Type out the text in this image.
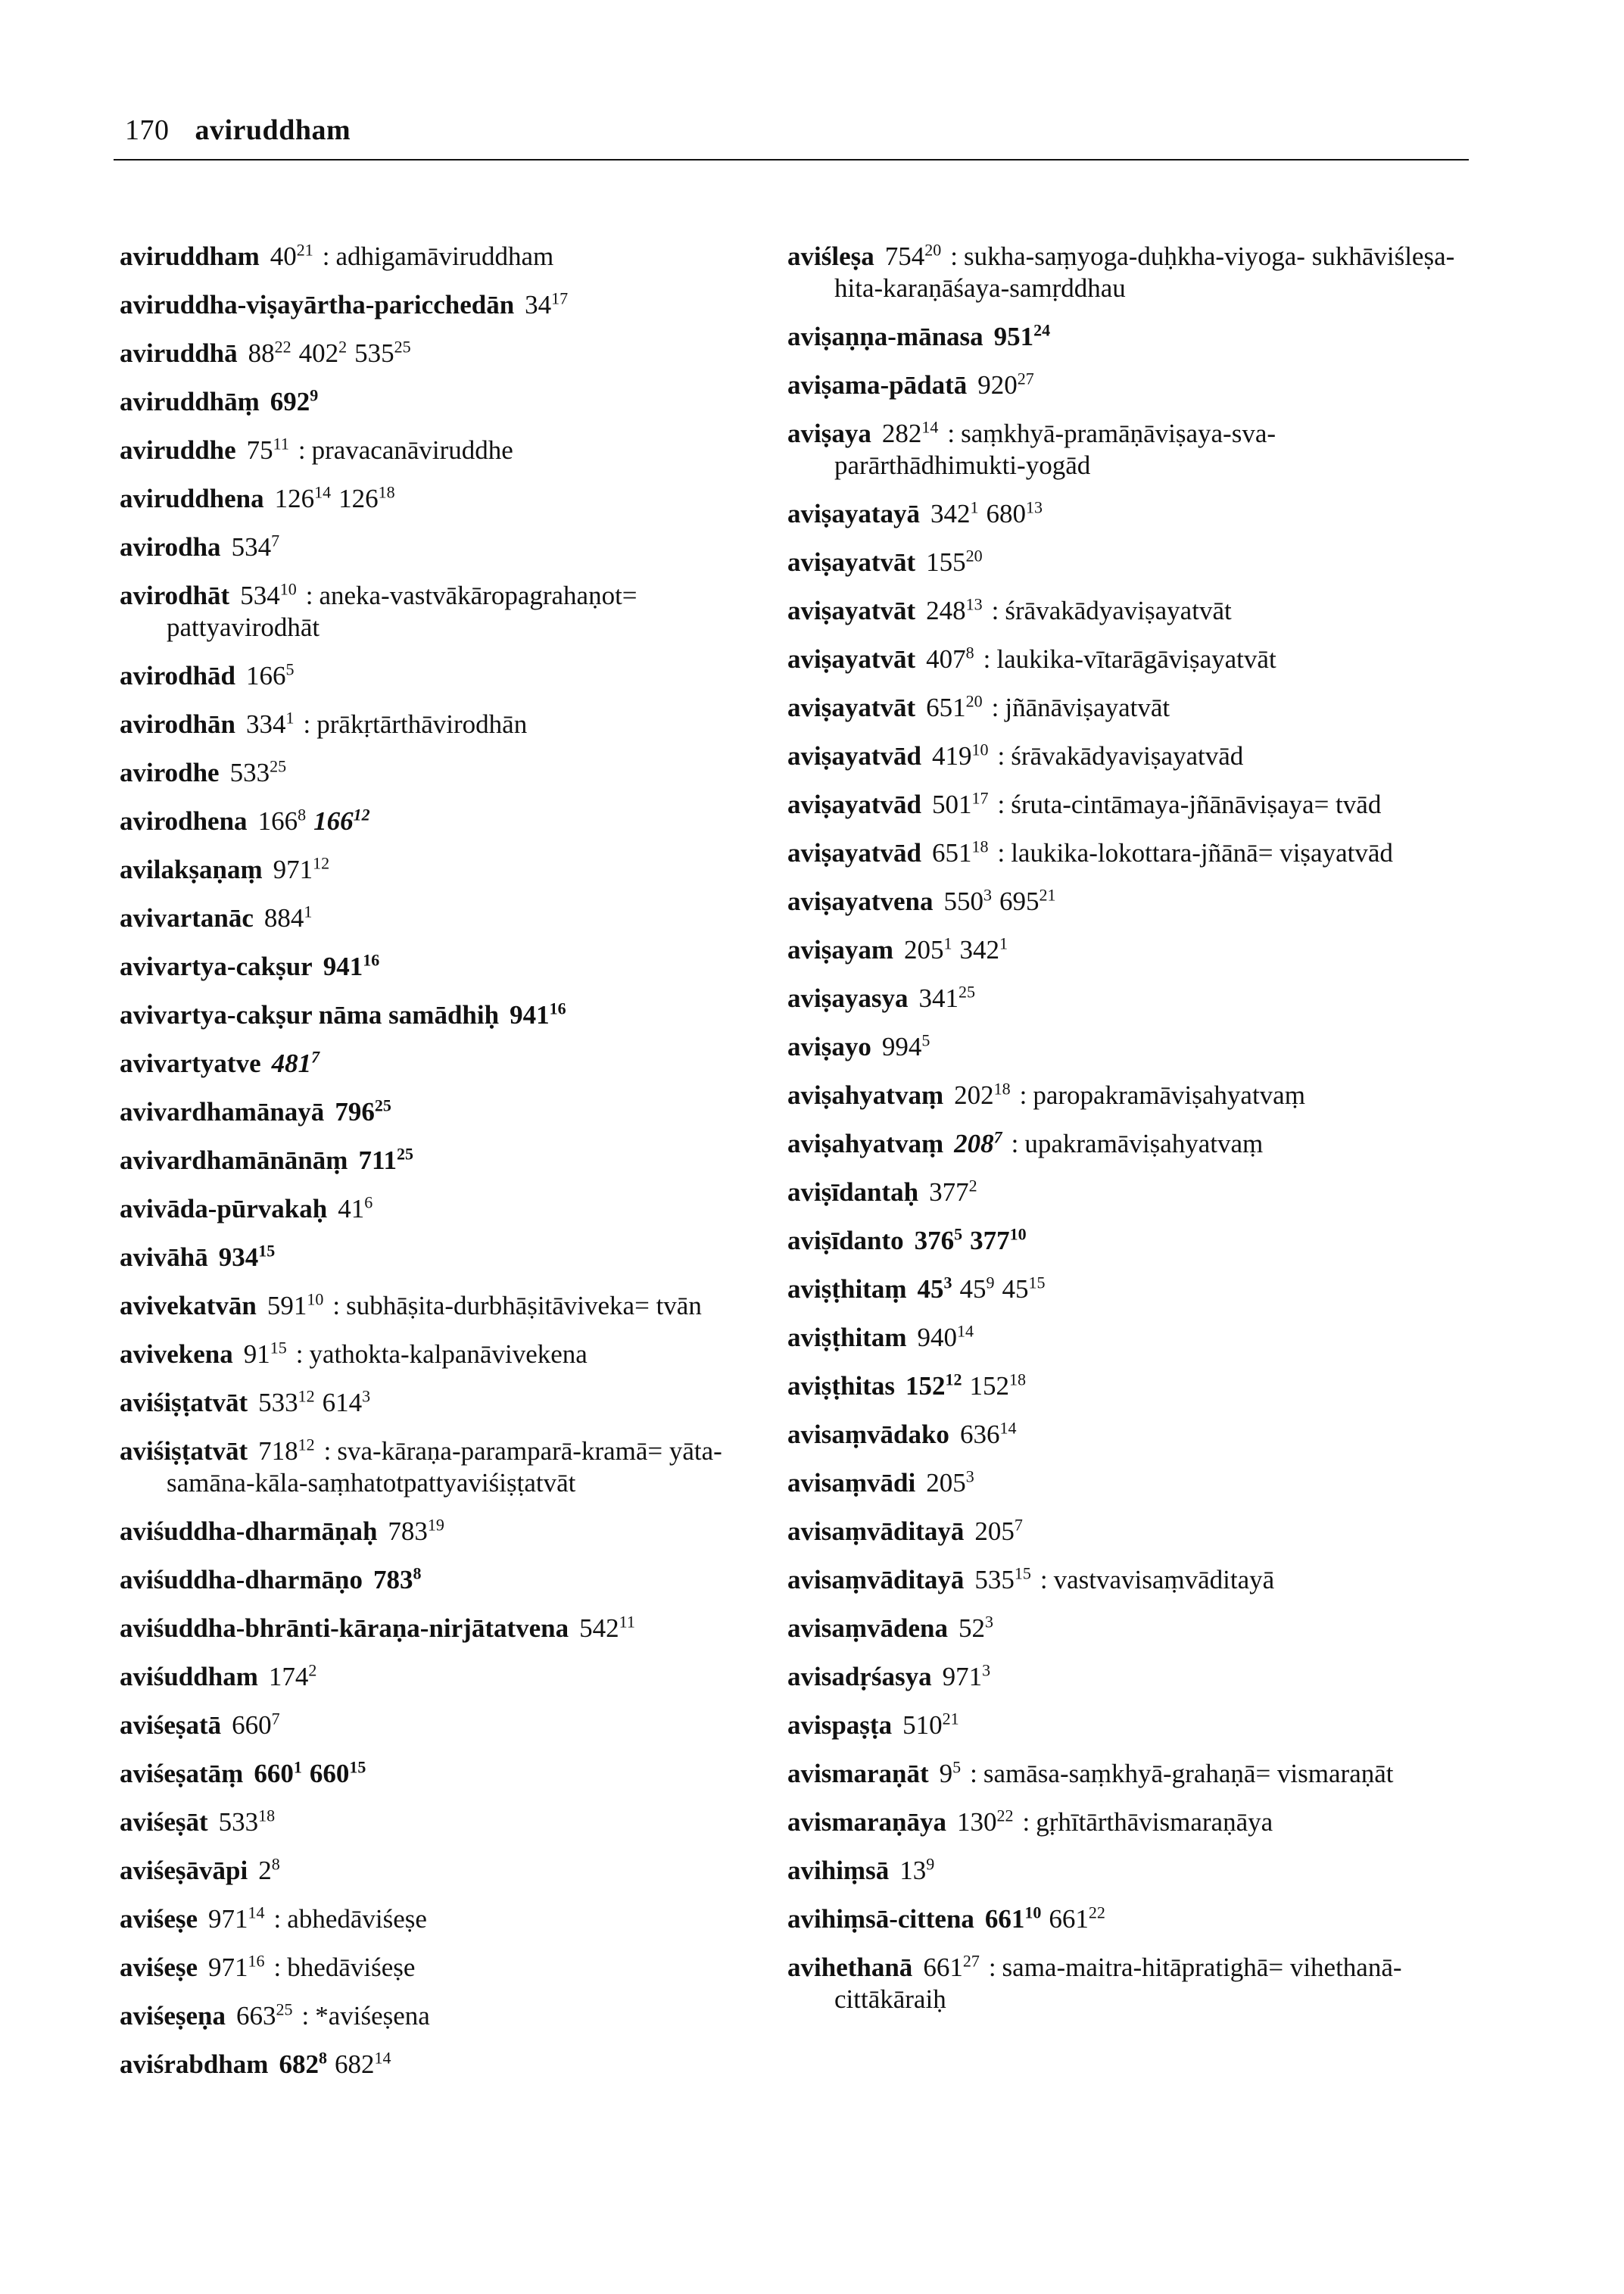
170 aviruddham
aviruddham $40^{21}$ : adhigamāviruddham
aviruddha-viṣayārtha-paricchedān $34^{17}$
aviruddhā $88^{22}$ $402^2$ $535^{25}$
aviruddhāṃ $692^9$
aviruddhe $75^{11}$ : pravacanāviruddhe
aviruddhena $126^{14}$ $126^{18}$
avirodha $534^7$
avirodhāt $534^{10}$ : aneka-vastvākāropagrahaṇot= pattyavirodhāt
avirodhād $166^5$
avirodhān $334^1$ : prākṛtārthāvirodhān
avirodhe $533^{25}$
avirodhena $166^8$ $166^{12}$
avilakṣaṇaṃ $971^{12}$
avivartanāc $884^1$
avivartya-cakṣur $941^{16}$
avivartya-cakṣur nāma samādhiḥ $941^{16}$
avivartyatve $481^7$
avivardhamānayā $796^{25}$
avivardhamānānāṃ $711^{25}$
avivāda-pūrvakaḥ $41^6$
avivāhā $934^{15}$
avivekatvān $591^{10}$ : subhāṣita-durbhāṣitāviveka= tvān
avivekena $91^{15}$ : yathokta-kalpanāvivekena
aviśiṣṭatvāt $533^{12}$ $614^3$
aviśiṣṭatvāt $718^{12}$ : sva-kāraṇa-paramparā-kramā= yāta-samāna-kāla-saṃhatotpattyaviśiṣṭatvāt
aviśuddha-dharmāṇaḥ $783^{19}$
aviśuddha-dharmāṇo $783^8$
aviśuddha-bhrānti-kāraṇa-nirjātatvena $542^{11}$
aviśuddham $174^2$
aviśeṣatā $660^7$
aviśeṣatāṃ $660^1$ $660^{15}$
aviśeṣāt $533^{18}$
aviśeṣāvāpi $2^8$
aviśeṣe $971^{14}$ : abhedāviśeṣe
aviśeṣe $971^{16}$ : bhedāviśeṣe
aviśeṣeṇa $663^{25}$ : *aviśeṣena
aviśrabdham $682^8$ $682^{14}$
aviśleṣa $754^{20}$ : sukha-saṃyoga-duḥkha-viyoga- sukhāviśleṣa-hita-karaṇāśaya-samṛddhau
aviṣaṇṇa-mānasa $951^{24}$
aviṣama-pādatā $920^{27}$
aviṣaya $282^{14}$ : saṃkhyā-pramāṇāviṣaya-sva- parārthādhimukti-yogād
aviṣayatayā $342^1$ $680^{13}$
aviṣayatvāt $155^{20}$
aviṣayatvāt $248^{13}$ : śrāvakādyaviṣayatvāt
aviṣayatvāt $407^8$ : laukika-vītarāgāviṣayatvāt
aviṣayatvāt $651^{20}$ : jñānāviṣayatvāt
aviṣayatvād $419^{10}$ : śrāvakādyaviṣayatvād
aviṣayatvād $501^{17}$ : śruta-cintāmaya-jñānāviṣaya= tvād
aviṣayatvād $651^{18}$ : laukika-lokottara-jñānā= viṣayatvād
aviṣayatvena $550^3$ $695^{21}$
aviṣayam $205^1$ $342^1$
aviṣayasya $341^{25}$
aviṣayo $994^5$
aviṣahyatvaṃ $202^{18}$ : paropakramāviṣahyatvaṃ
aviṣahyatvaṃ $208^7$ : upakramāviṣahyatvaṃ
aviṣīdantaḥ $377^2$
aviṣīdanto $376^5$ $377^{10}$
aviṣṭhitaṃ $45^3$ $45^9$ $45^{15}$
aviṣṭhitam $940^{14}$
aviṣṭhitas $152^{12}$ $152^{18}$
avisaṃvādako $636^{14}$
avisaṃvādi $205^3$
avisaṃvāditayā $205^7$
avisaṃvāditayā $535^{15}$ : vastvavisaṃvāditayā
avisaṃvādena $52^3$
avisadṛśasya $971^3$
avispaṣṭa $510^{21}$
avismaraṇāt $9^5$ : samāsa-saṃkhyā-grahaṇā= vismaraṇāt
avismaraṇāya $130^{22}$ : gṛhītārthāvismaraṇāya
avihiṃsā $13^9$
avihiṃsā-cittena $661^{10}$ $661^{22}$
avihethanā $661^{27}$ : sama-maitra-hitāpratighā= vihethanā-cittākāraiḥ
